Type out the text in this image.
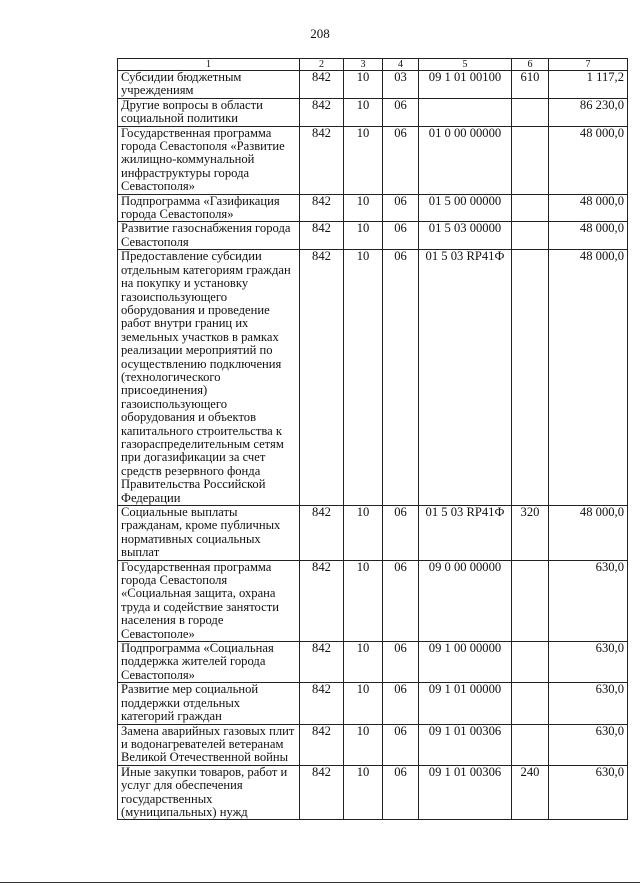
208
1	2	3	4	5	6	7
Субсидии бюджетным учреждениям	842	10	03	09 1 01 00100	610	1 117,2
Другие вопросы в области социальной политики	842	10	06			86 230,0
Государственная программа города Севастополя «Развитие жилищно-коммунальной инфраструктуры города Севастополя»	842	10	06	01 0 00 00000		48 000,0
Подпрограмма «Газификация города Севастополя»	842	10	06	01 5 00 00000		48 000,0
Развитие газоснабжения города Севастополя	842	10	06	01 5 03 00000		48 000,0
Предоставление субсидии отдельным категориям граждан на покупку и установку газоиспользующего оборудования и проведение работ внутри границ их земельных участков в рамках реализации мероприятий по осуществлению подключения (технологического присоединения) газоиспользующего оборудования и объектов капитального строительства к газораспределительным сетям при догазификации за счет средств резервного фонда Правительства Российской Федерации	842	10	06	01 5 03 RP41Ф		48 000,0
Социальные выплаты гражданам, кроме публичных нормативных социальных выплат	842	10	06	01 5 03 RP41Ф	320	48 000,0
Государственная программа города Севастополя «Социальная защита, охрана труда и содействие занятости населения в городе Севастополе»	842	10	06	09 0 00 00000		630,0
Подпрограмма «Социальная поддержка жителей города Севастополя»	842	10	06	09 1 00 00000		630,0
Развитие мер социальной поддержки отдельных категорий граждан	842	10	06	09 1 01 00000		630,0
Замена аварийных газовых плит и водонагревателей ветеранам Великой Отечественной войны	842	10	06	09 1 01 00306		630,0
Иные закупки товаров, работ и услуг для обеспечения государственных (муниципальных) нужд	842	10	06	09 1 01 00306	240	630,0
